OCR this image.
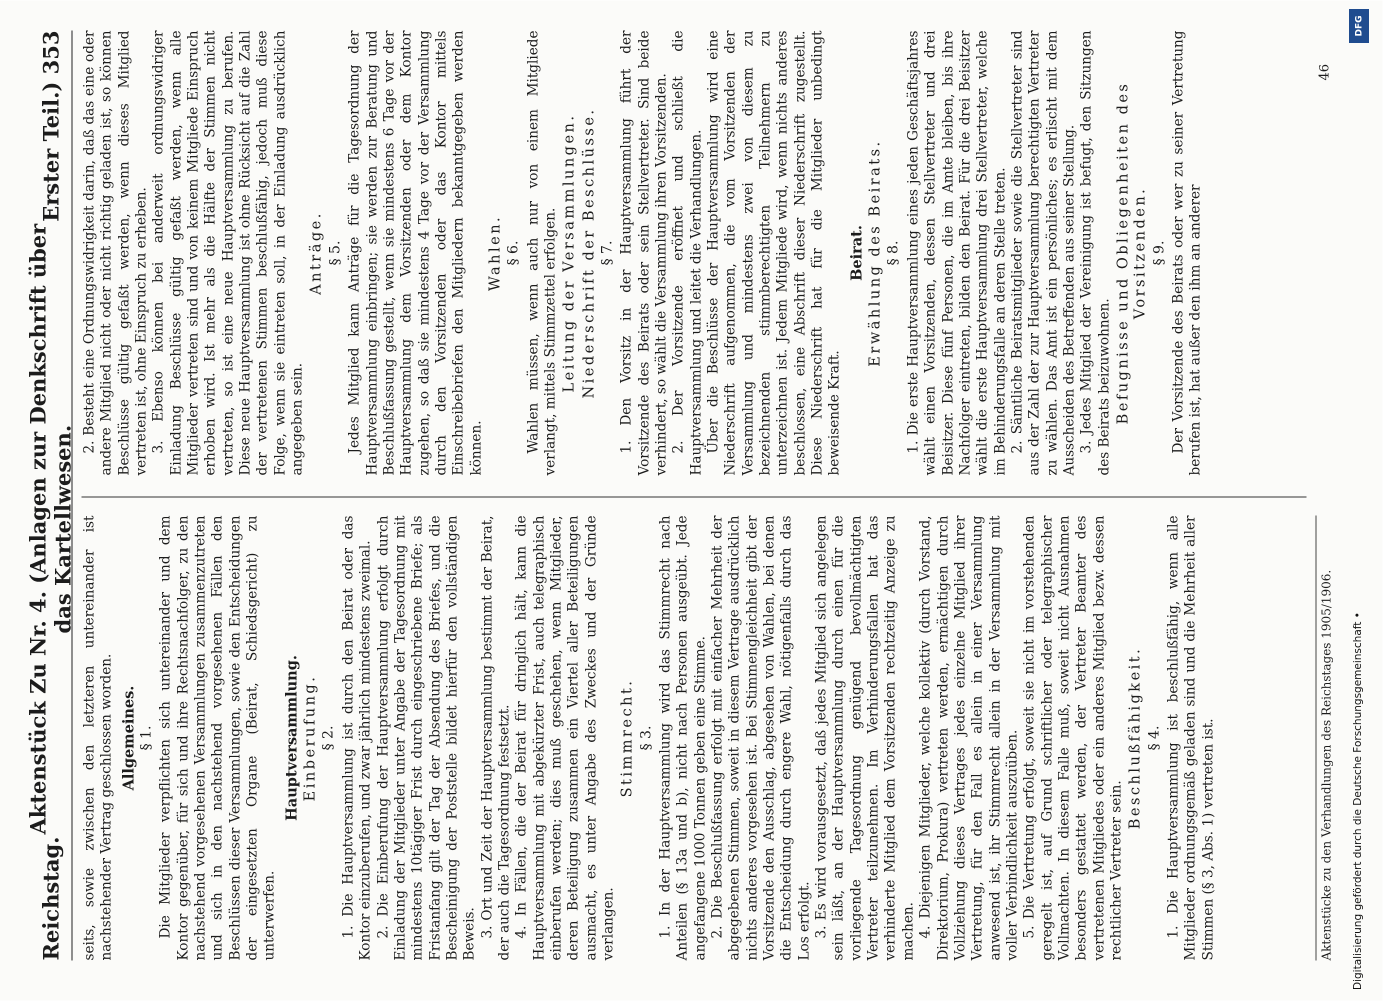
Reichstag.
Aktenstück Zu Nr. 4. (Anlagen zur Denkschrift über das Kartellwesen.
Erster Teil.) 353

seits, sowie zwischen den letzteren untereinander ist nachstehender Vertrag geschlossen worden. Allgemeines. § 1. Die Mitglieder verpflichten sich untereinander und dem Kontor gegenüber, für sich und ihre Rechtsnachfolger, zu den nachstehend vorgesehenen Versammlungen zusammenzutreten und sich in den nachstehend vorgesehenen Fällen den Beschlüssen dieser Versammlungen, sowie den Entscheidungen der eingesetzten Organe (Beirat, Schiedsgericht) zu unterwerfen.

Hauptversammlung. Einberufung. § 2. 1. Die Hauptversammlung ist durch den Beirat oder das Kontor einzuberufen, und zwar jährlich mindestens zweimal. 2. Die Einberufung der Hauptversammlung erfolgt durch Einladung der Mitglieder unter Angabe der Tagesordnung mit mindestens 10tägiger Frist durch eingeschriebene Briefe; als Fristanfang gilt der Tag der Absendung des Briefes, und die Bescheinigung der Poststelle bildet hierfür den vollständigen Beweis. 3. Ort und Zeit der Hauptversammlung bestimmt der Beirat, der auch die Tagesordnung festsetzt. 4. In Fällen, die der Beirat für dringlich hält, kann die Hauptversammlung mit abgekürzter Frist, auch telegraphisch einberufen werden; dies muß geschehen, wenn Mitglieder, deren Beteiligung zusammen ein Viertel aller Beteiligungen ausmacht, es unter Angabe des Zweckes und der Gründe verlangen.

Stimmrecht. § 3. 1. In der Hauptversammlung wird das Stimmrecht nach Anteilen (§ 13a und b), nicht nach Personen ausgeübt. Jede angefangene 1000 Tonnen geben eine Stimme. 2. Die Beschlußfassung erfolgt mit einfacher Mehrheit der abgegebenen Stimmen, soweit in diesem Vertrage ausdrücklich nichts anderes vorgesehen ist. Bei Stimmengleichheit gibt der Vorsitzende den Ausschlag, abgesehen von Wahlen, bei denen die Entscheidung durch engere Wahl, nötigenfalls durch das Los erfolgt. 3. Es wird vorausgesetzt, daß jedes Mitglied sich angelegen sein läßt, an der Hauptversammlung durch einen für die vorliegende Tagesordnung genügend bevollmächtigten Vertreter teilzunehmen. Im Verhinderungsfallen hat das verhinderte Mitglied dem Vorsitzenden rechtzeitig Anzeige zu machen. 4. Diejenigen Mitglieder, welche kollektiv (durch Vorstand, Direktorium, Prokura) vertreten werden, ermächtigen durch Vollziehung dieses Vertrages jedes einzelne Mitglied ihrer Vertretung, für den Fall es allein in einer Versammlung anwesend ist, ihr Stimmrecht allein in der Versammlung mit voller Verbindlichkeit auszuüben. 5. Die Vertretung erfolgt, soweit sie nicht im vorstehenden geregelt ist, auf Grund schriftlicher oder telegraphischer Vollmachten. In diesem Falle muß, soweit nicht Ausnahmen besonders gestattet werden, der Vertreter Beamter des vertretenen Mitgliedes oder ein anderes Mitglied bezw. dessen rechtlicher Vertreter sein.

Beschlußfähigkeit. § 4. 1. Die Hauptversammlung ist beschlußfähig, wenn alle Mitglieder ordnungsgemäß geladen sind und die Mehrheit aller Stimmen (§ 3, Abs. 1) vertreten ist.

2. Besteht eine Ordnungswidrigkeit darin, daß das eine oder andere Mitglied nicht oder nicht richtig geladen ist, so können Beschlüsse gültig gefaßt werden, wenn dieses Mitglied vertreten ist, ohne Einspruch zu erheben. 3. Ebenso können bei anderweit ordnungswidriger Einladung Beschlüsse gültig gefaßt werden, wenn alle Mitglieder vertreten sind und von keinem Mitgliede Einspruch erhoben wird. Ist mehr als die Hälfte der Stimmen nicht vertreten, so ist eine neue Hauptversammlung zu berufen. Diese neue Hauptversammlung ist ohne Rücksicht auf die Zahl der vertretenen Stimmen beschlußfähig, jedoch muß diese Folge, wenn sie eintreten soll, in der Einladung ausdrücklich angegeben sein.

Anträge. § 5. Jedes Mitglied kann Anträge für die Tagesordnung der Hauptversammlung einbringen; sie werden zur Beratung und Beschlußfassung gestellt, wenn sie mindestens 6 Tage vor der Hauptversammlung dem Vorsitzenden oder dem Kontor zugehen, so daß sie mindestens 4 Tage vor der Versammlung durch den Vorsitzenden oder das Kontor mittels Einschreibebriefen den Mitgliedern bekanntgegeben werden können.

Wahlen. § 6. Wahlen müssen, wenn auch nur von einem Mitgliede verlangt, mittels Stimmzettel erfolgen. Leitung der Versammlungen. Niederschrift der Beschlüsse. § 7. 1. Den Vorsitz in der Hauptversammlung führt der Vorsitzende des Beirats oder sein Stellvertreter. Sind beide verhindert, so wählt die Versammlung ihren Vorsitzenden. 2. Der Vorsitzende eröffnet und schließt die Hauptversammlung und leitet die Verhandlungen. Über die Beschlüsse der Hauptversammlung wird eine Niederschrift aufgenommen, die vom Vorsitzenden der Versammlung und mindestens zwei von diesem zu bezeichnenden stimmberechtigten Teilnehmern zu unterzeichnen ist. Jedem Mitgliede wird, wenn nichts anderes beschlossen, eine Abschrift dieser Niederschrift zugestellt. Diese Niederschrift hat für die Mitglieder unbedingt beweisende Kraft.

Beirat. Erwählung des Beirats. § 8. 1. Die erste Hauptversammlung eines jeden Geschäftsjahres wählt einen Vorsitzenden, dessen Stellvertreter und drei Beisitzer. Diese fünf Personen, die im Amte bleiben, bis ihre Nachfolger eintreten, bilden den Beirat. Für die drei Beisitzer wählt die erste Hauptversammlung drei Stellvertreter, welche im Behinderungsfalle an deren Stelle treten. 2. Sämtliche Beiratsmitglieder sowie die Stellvertreter sind aus der Zahl der zur Hauptversammlung berechtigten Vertreter zu wählen. Das Amt ist ein persönliches; es erlischt mit dem Ausscheiden des Betreffenden aus seiner Stellung. 3. Jedes Mitglied der Vereinigung ist befugt, den Sitzungen des Beirats beizuwohnen. Befugnisse und Obliegenheiten des Vorsitzenden. § 9. Der Vorsitzende des Beirats oder wer zu seiner Vertretung berufen ist, hat außer den ihm an anderer

Aktenstücke zu den Verhandlungen des Reichstages 1905/1906.
46
Digitalisierung gefördert durch die Deutsche Forschungsgemeinschaft •
DFG
